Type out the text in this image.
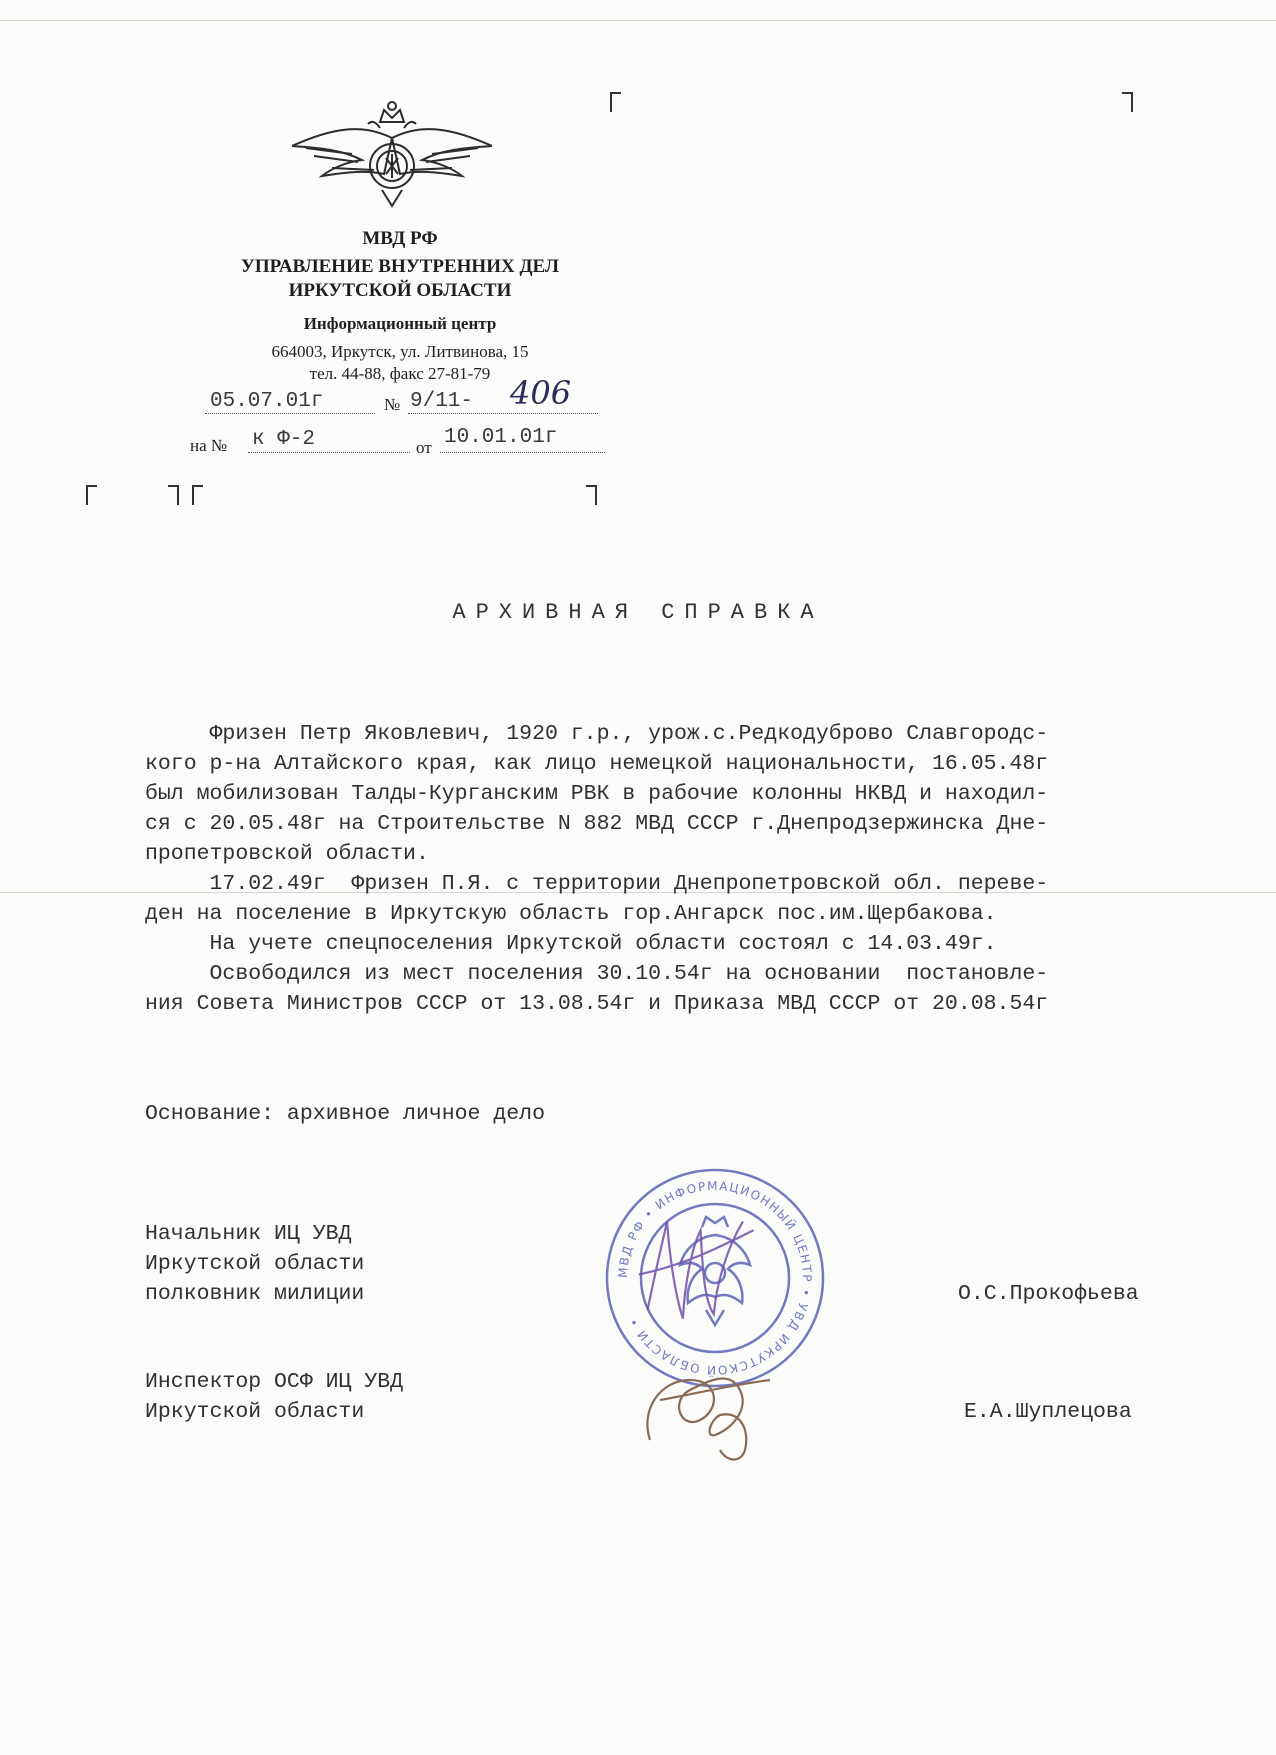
МВД РФ
УПРАВЛЕНИЕ ВНУТРЕННИХ ДЕЛ
ИРКУТСКОЙ ОБЛАСТИ
Информационный центр
664003, Иркутск, ул. Литвинова, 15
тел. 44-88, факс 27-81-79
05.07.01г	№ 9/11- 406
на № к Ф-2	от 10.01.01г
АРХИВНАЯ СПРАВКА
Фризен Петр Яковлевич, 1920 г.р., урож.с.Редкодуброво Славгородс-
кого р-на Алтайского края, как лицо немецкой национальности, 16.05.48г
был мобилизован Талды-Курганским РВК в рабочие колонны НКВД и находил-
ся с 20.05.48г на Строительстве N 882 МВД СССР г.Днепродзержинска Дне-
пропетровской области.
17.02.49г  Фризен П.Я. с территории Днепропетровской обл. переве-
ден на поселение в Иркутскую область гор.Ангарск пос.им.Щербакова.
На учете спецпоселения Иркутской области состоял с 14.03.49г.
Освободился из мест поселения 30.10.54г на основании  постановле-
ния Совета Министров СССР от 13.08.54г и Приказа МВД СССР от 20.08.54г
Основание: архивное личное дело
Начальник ИЦ УВД
Иркутской области
полковник милиции	О.С.Прокофьева
Инспектор ОСФ ИЦ УВД
Иркутской области	Е.А.Шуплецова
МВД РФ • ИНФОРМАЦИОННЫЙ ЦЕНТР • УВД ИРКУТСКОЙ ОБЛАСТИ •
